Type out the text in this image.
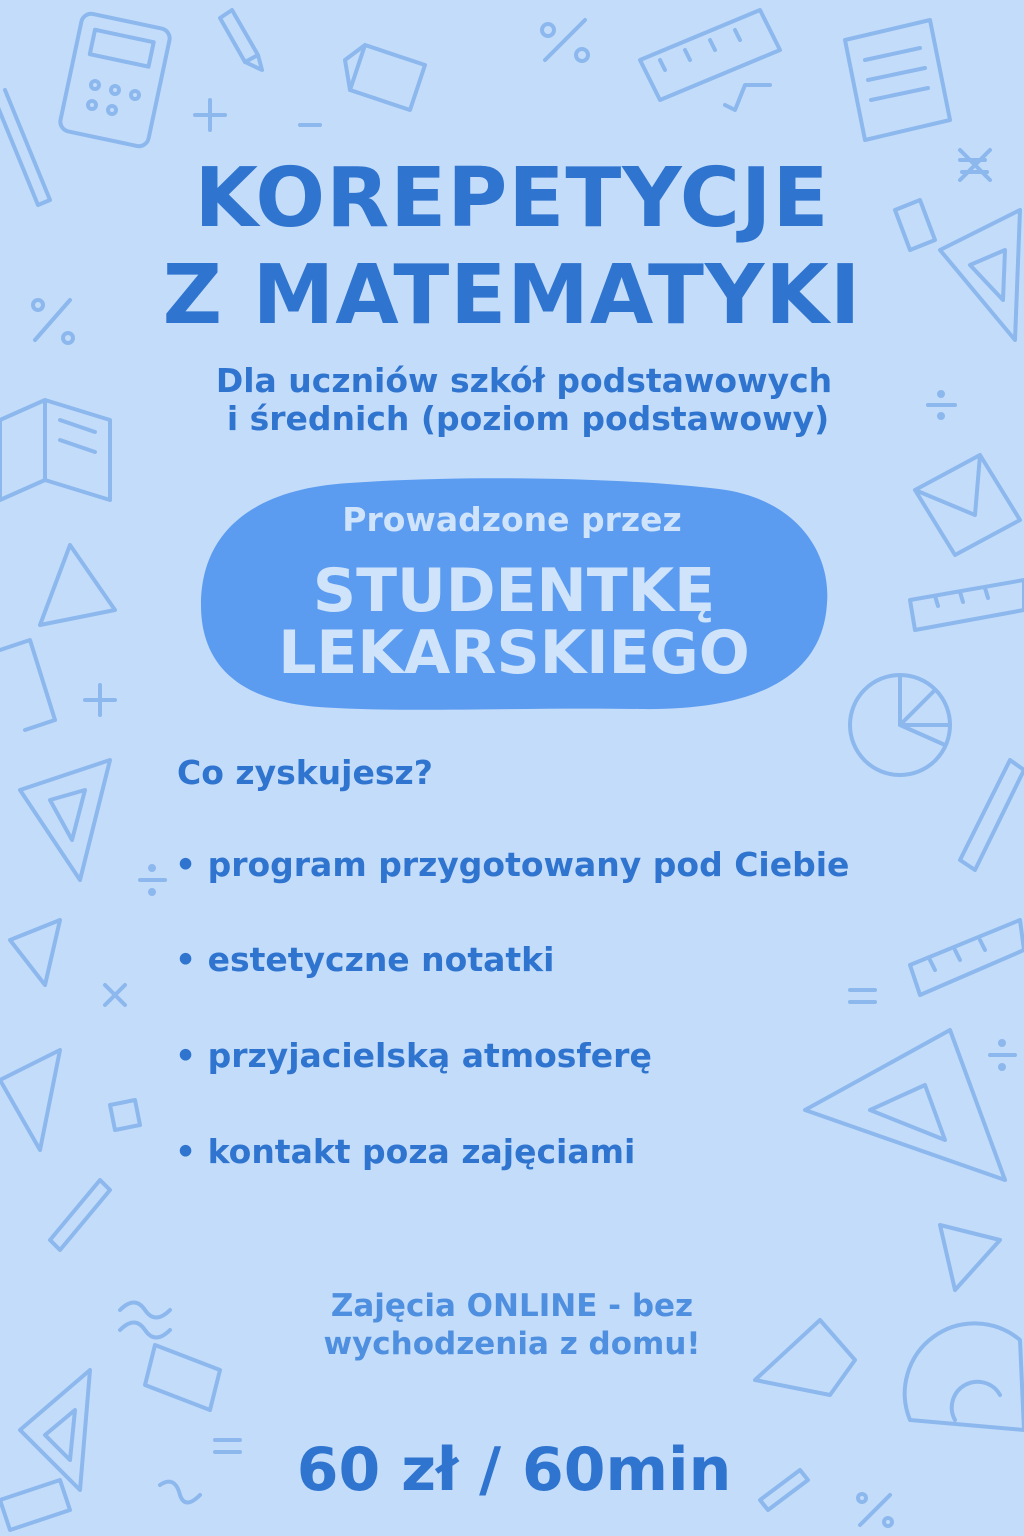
KOREPETYCJE
Z MATEMATYKI

Dla uczniów szkół podstawowych

i średnich (poziom podstawowy)

Prowadzone przez

STUDENTKĘ

LEKARSKIEGO

Co zyskujesz?

• program przygotowany pod Ciebie

• estetyczne notatki

• przyjacielską atmosferę

• kontakt poza zajęciami

Zajęcia ONLINE - bez

wychodzenia z domu!

60 zł / 60min
